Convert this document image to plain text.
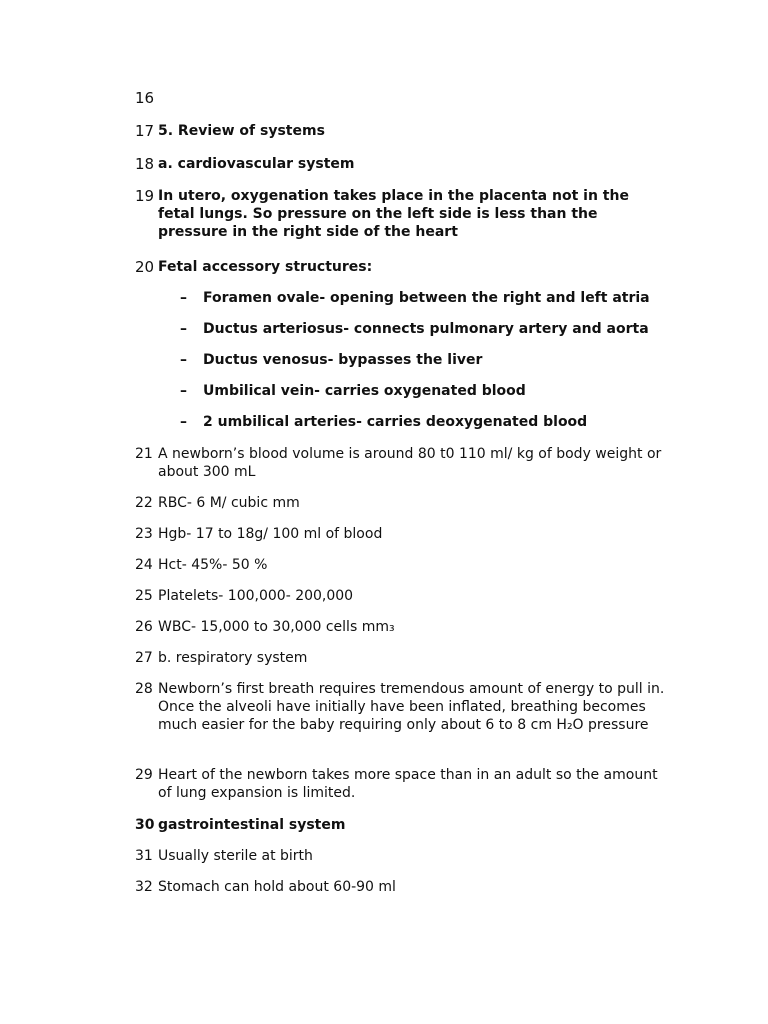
16
17 5. Review of systems
18 a. cardiovascular system
19 In utero, oxygenation takes place in the placenta not in the fetal lungs. So pressure on the left side is less than the pressure in the right side of the heart
20 Fetal accessory structures:
– Foramen ovale- opening between the right and left atria
– Ductus arteriosus- connects pulmonary artery and aorta
– Ductus venosus- bypasses the liver
– Umbilical vein- carries oxygenated blood
– 2 umbilical arteries- carries deoxygenated blood
21 A newborn’s blood volume is around 80 t0 110 ml/ kg of body weight or about 300 mL
22 RBC- 6 M/ cubic mm
23 Hgb- 17 to 18g/ 100 ml of blood
24 Hct- 45%- 50 %
25 Platelets- 100,000- 200,000
26 WBC- 15,000 to 30,000 cells mm₃
27 b. respiratory system
28 Newborn’s first breath requires tremendous amount of energy to pull in. Once the alveoli have initially have been inflated, breathing becomes much easier for the baby requiring only about 6 to 8 cm H₂O pressure
29 Heart of the newborn takes more space than in an adult so the amount of lung expansion is limited.
30 gastrointestinal system
31 Usually sterile at birth
32 Stomach can hold about 60-90 ml
